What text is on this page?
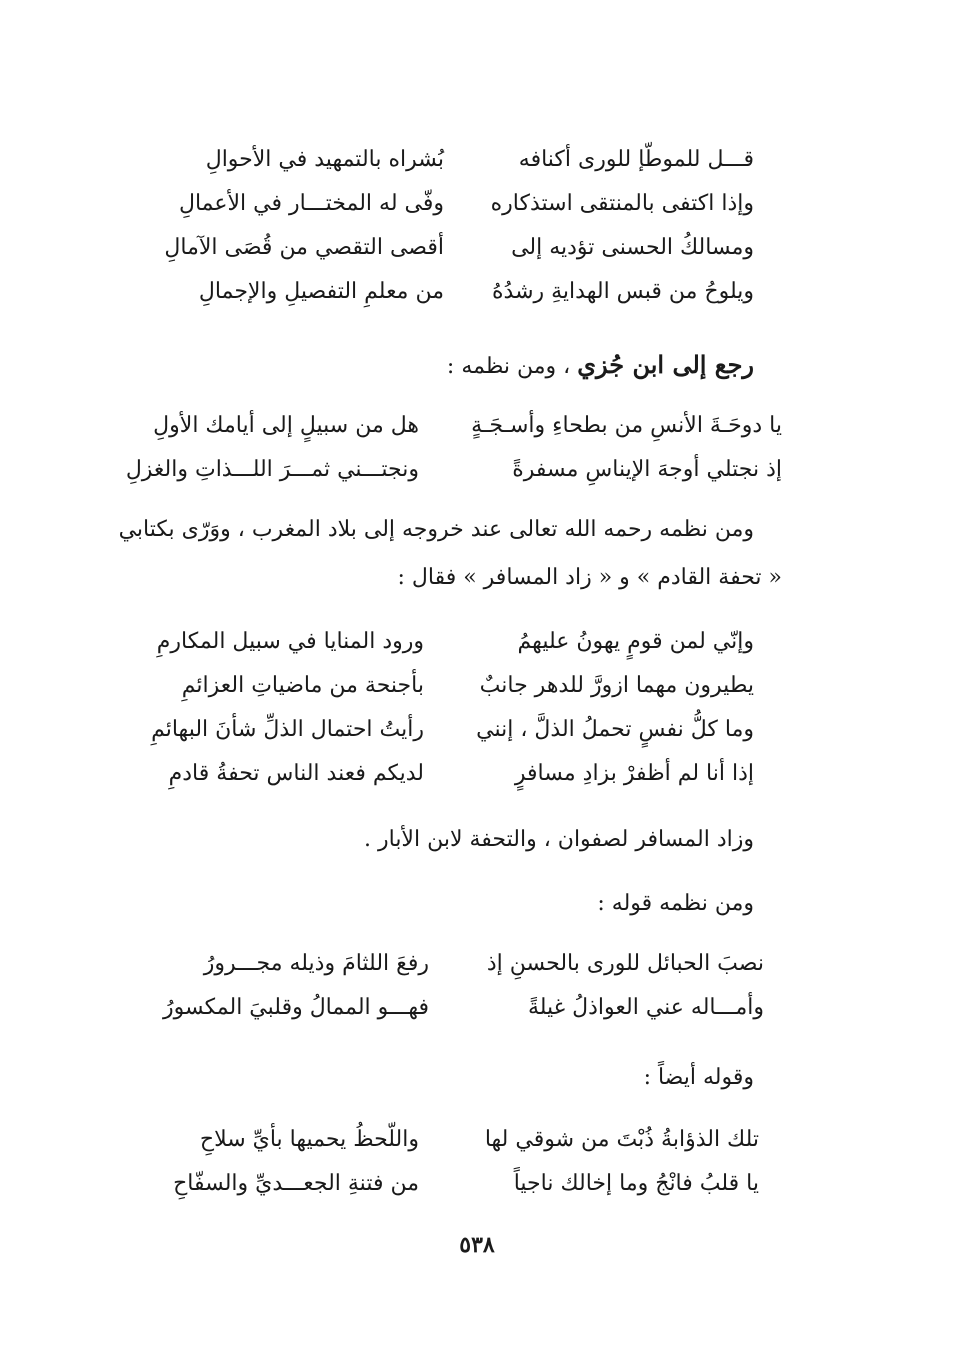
قـــل للموطّإ للورى أكنافه
بُشراه بالتمهيد في الأحوالِ
وإذا اكتفى بالمنتقى استذكاره
وفّى له المختـــار في الأعمالِ
ومسالكُ الحسنى تؤديه إلى
أقصى التقصي من قُصَى الآمالِ
ويلوحُ من قبس الهدايةِ رشدُهُ
من معلمِ التفصيلِ والإجمالِ
رجع إلى ابن جُزي ، ومن نظمه :
يا دوحَـةَ الأنسِ من بطحاءِ وأسـجَـةٍ
هل من سبيلٍ إلى أيامك الأولِ
إذ نجتلي أوجهَ الإيناسِ مسفرةً
ونجتـــني ثمـــرَ اللـــذاتِ والغزلِ
ومن نظمه رحمه الله تعالى عند خروجه إلى بلاد المغرب ، ووَرّى بكتابي
« تحفة القادم » و « زاد المسافر » فقال :
وإنّي لمن قومٍ يهونُ عليهمُ
ورود المنايا في سبيل المكارمِ
يطيرون مهما ازورَّ للدهر جانبٌ
بأجنحة من ماضياتِ العزائمِ
وما كلُّ نفسٍ تحملُ الذلَّ ، إنني
رأيتُ احتمال الذلِّ شأنَ البهائمِ
إذا أنا لم أظفرْ بزادِ مسافرٍ
لديكم فعند الناس تحفةُ قادمِ
وزاد المسافر لصفوان ، والتحفة لابن الأبار .
ومن نظمه قوله :
نصبَ الحبائل للورى بالحسنِ إذ
رفعَ اللثامَ وذيله مجـــرورُ
وأمـــاله عني العواذلُ غيلةً
فهـــو الممالُ وقلبيَ المكسورُ
وقوله أيضاً :
تلك الذؤابةُ ذُبْتَ من شوقي لها
واللّحظُ يحميها بأيِّ سلاحِ
يا قلبُ فانْجُ وما إخالك ناجياً
من فتنةِ الجعـــديِّ والسفّاحِ
٥٣٨
